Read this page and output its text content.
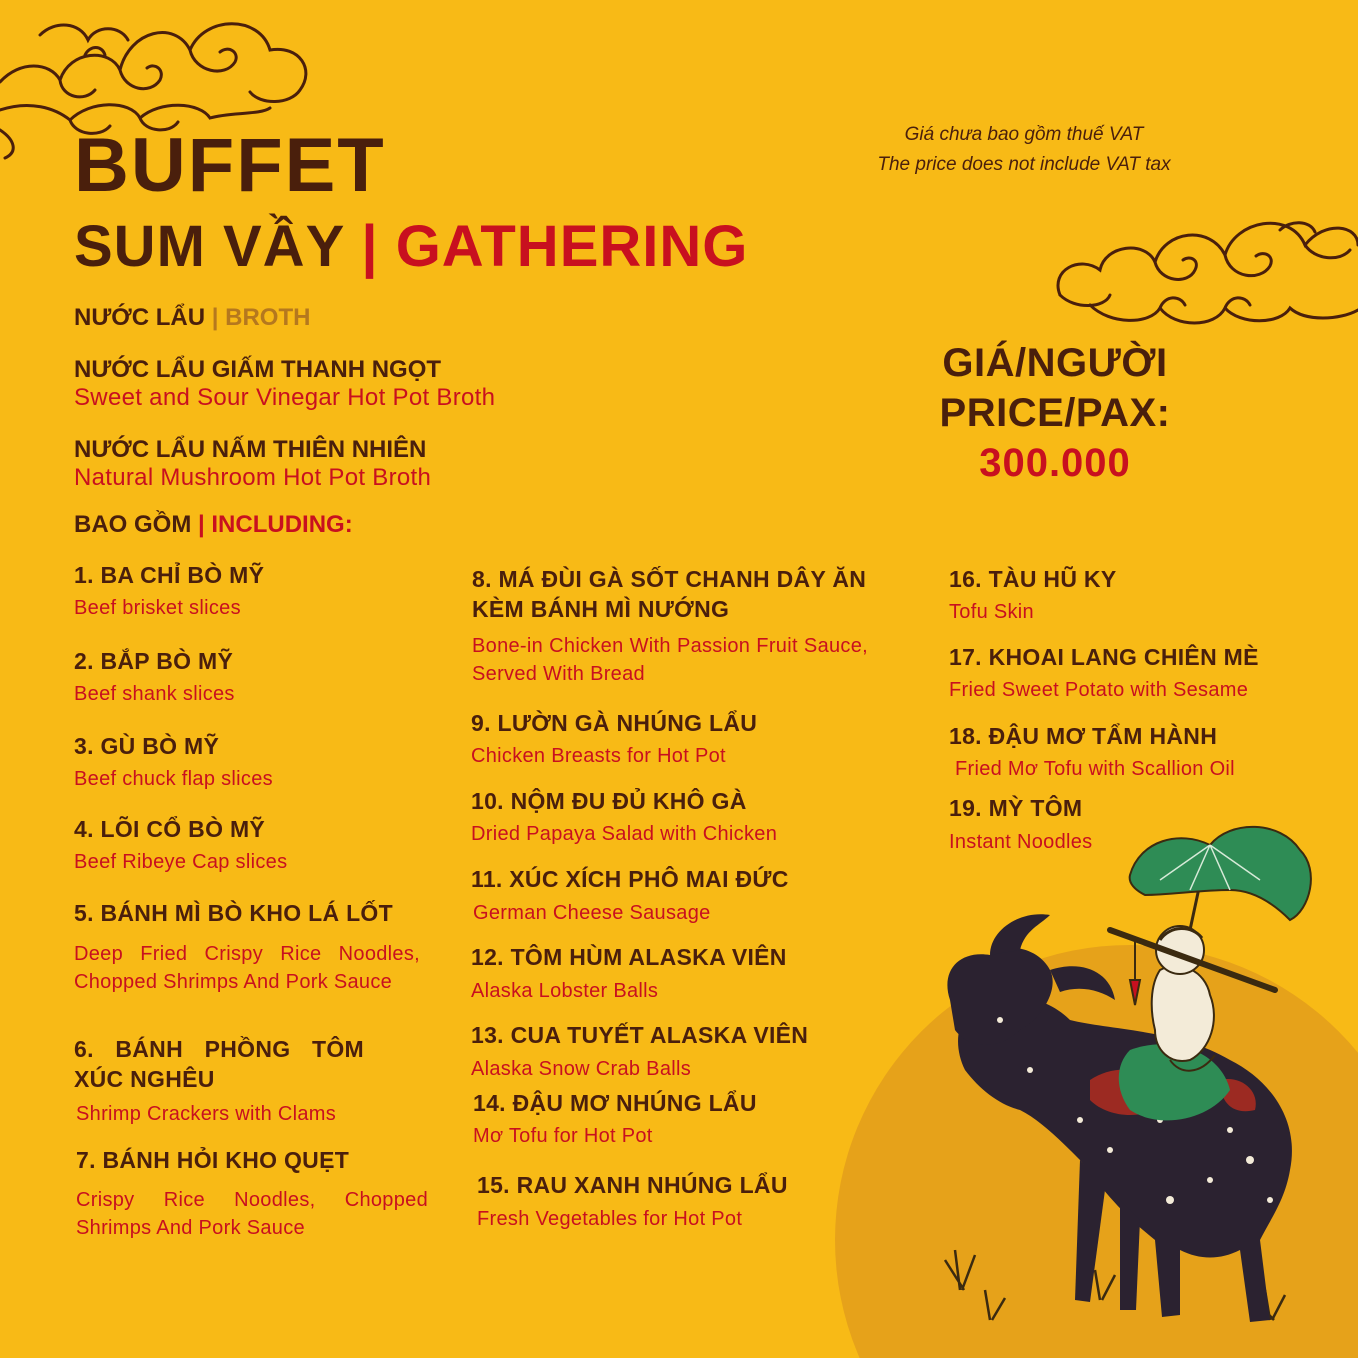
Giá chưa bao gồm thuế VAT
The price does not include VAT tax
BUFFET
SUM VẦY | GATHERING
GIÁ/NGƯỜI
PRICE/PAX:
300.000
NƯỚC LẨU | BROTH
NƯỚC LẨU GIẤM THANH NGỌT
Sweet and Sour Vinegar Hot Pot Broth
NƯỚC LẨU NẤM THIÊN NHIÊN
Natural Mushroom Hot Pot Broth
BAO GỒM | INCLUDING:
1. BA CHỈ BÒ MỸ
Beef brisket slices
2. BẮP BÒ MỸ
Beef shank slices
3. GÙ BÒ MỸ
Beef chuck flap slices
4. LÕI CỔ BÒ MỸ
Beef Ribeye Cap slices
5. BÁNH MÌ BÒ KHO LÁ LỐT
Deep Fried Crispy Rice Noodles, Chopped Shrimps And Pork Sauce
6. BÁNH PHỒNG TÔM XÚC NGHÊU
Shrimp Crackers with Clams
7. BÁNH HỎI KHO QUẸT
Crispy Rice Noodles, Chopped Shrimps And Pork Sauce
8. MÁ ĐÙI GÀ SỐT CHANH DÂY ĂN KÈM BÁNH MÌ NƯỚNG
Bone-in Chicken With Passion Fruit Sauce, Served With Bread
9. LƯỜN GÀ NHÚNG LẨU
Chicken Breasts for Hot Pot
10. NỘM ĐU ĐỦ KHÔ GÀ
Dried Papaya Salad with Chicken
11. XÚC XÍCH PHÔ MAI ĐỨC
German Cheese Sausage
12. TÔM HÙM ALASKA VIÊN
Alaska Lobster Balls
13. CUA TUYẾT ALASKA VIÊN
Alaska Snow Crab Balls
14. ĐẬU MƠ NHÚNG LẨU
Mơ Tofu for Hot Pot
15. RAU XANH NHÚNG LẨU
Fresh Vegetables for Hot Pot
16. TÀU HŨ KY
Tofu Skin
17. KHOAI LANG CHIÊN MÈ
Fried Sweet Potato with Sesame
18. ĐẬU MƠ TẨM HÀNH
Fried Mơ Tofu with Scallion Oil
19. MỲ TÔM
Instant Noodles
